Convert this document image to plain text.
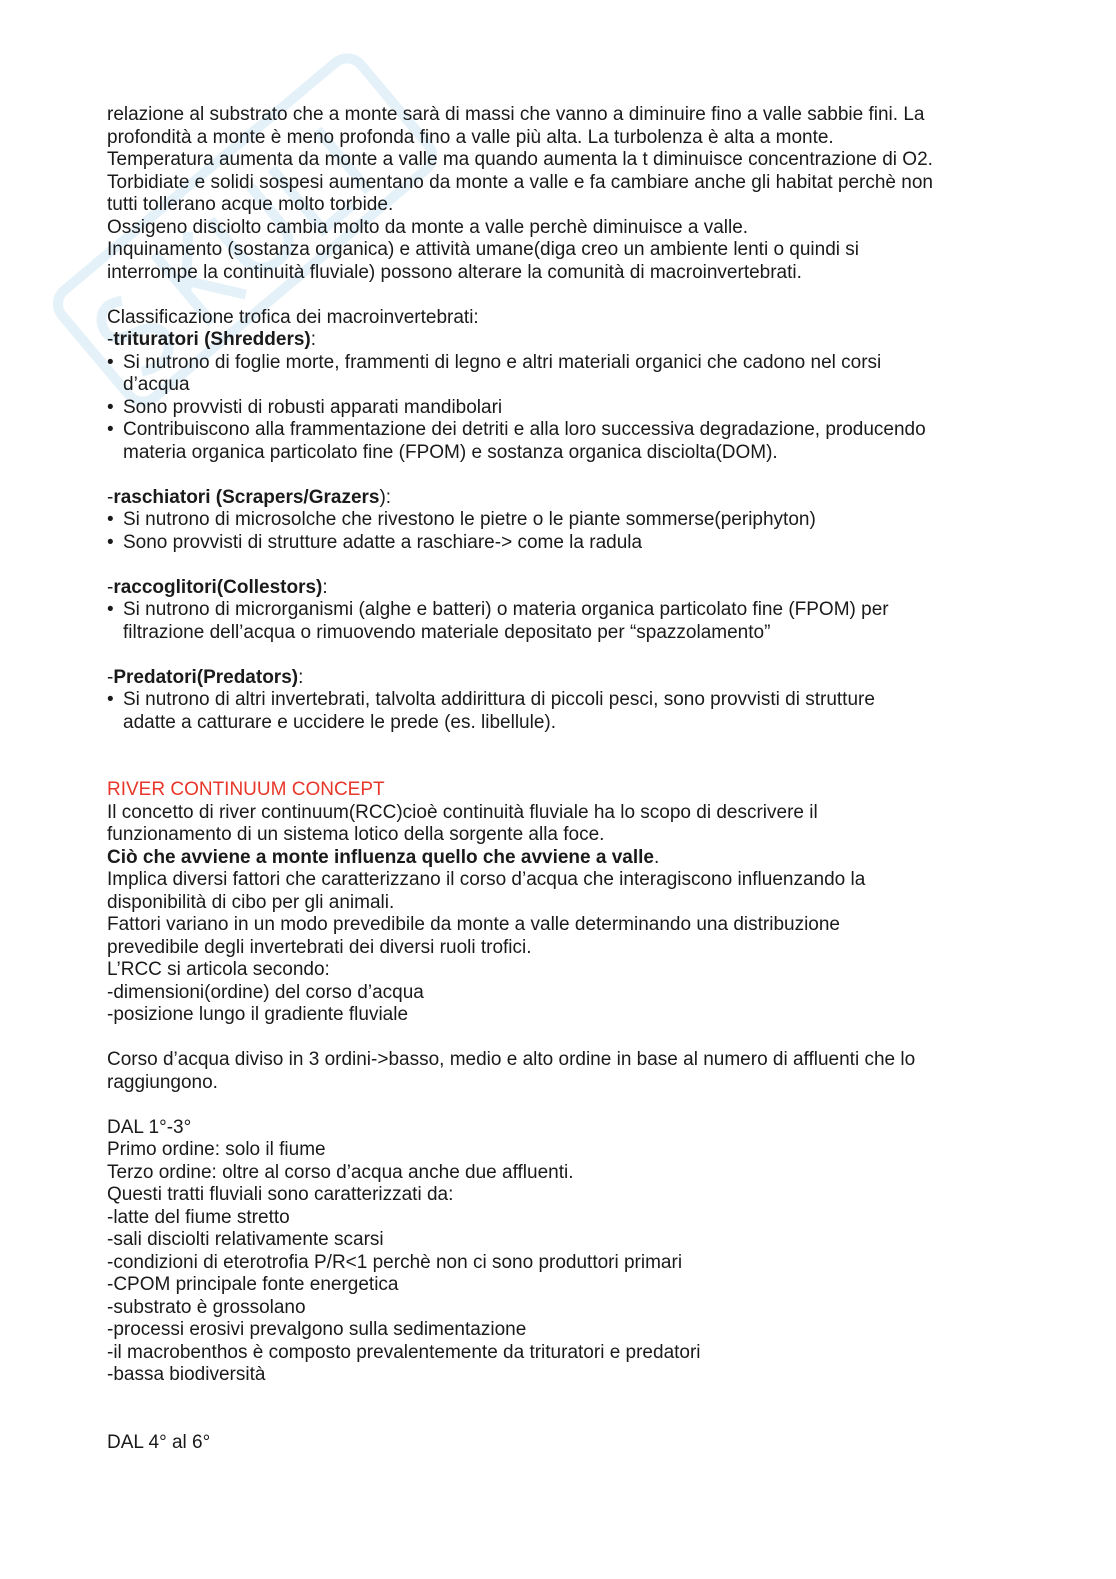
relazione al substrato che a monte sarà di massi che vanno a diminuire fino a valle sabbie fini. La
profondità a monte è meno profonda fino a valle più alta. La turbolenza è alta a monte.
Temperatura aumenta da monte a valle ma quando aumenta la t diminuisce concentrazione di O2.
Torbidiate e solidi sospesi aumentano da monte a valle e fa cambiare anche gli habitat perchè non
tutti tollerano acque molto torbide.
Ossigeno disciolto cambia molto da monte a valle perchè diminuisce a valle.
Inquinamento (sostanza organica) e attività umane(diga creo un ambiente lenti o quindi si
interrompe la continuità fluviale) possono alterare la comunità di macroinvertebrati.
Classificazione trofica dei macroinvertebrati:
-trituratori (Shredders):
• Si nutrono di foglie morte, frammenti di legno e altri materiali organici che cadono nel corsi
d’acqua
• Sono provvisti di robusti apparati mandibolari
• Contribuiscono alla frammentazione dei detriti e alla loro successiva degradazione, producendo
materia organica particolato fine (FPOM) e sostanza organica disciolta(DOM).
-raschiatori (Scrapers/Grazers):
• Si nutrono di microsolche che rivestono le pietre o le piante sommerse(periphyton)
• Sono provvisti di strutture adatte a raschiare-> come la radula
-raccoglitori(Collestors):
• Si nutrono di microrganismi (alghe e batteri) o materia organica particolato fine (FPOM) per
filtrazione dell’acqua o rimuovendo materiale depositato per “spazzolamento”
-Predatori(Predators):
• Si nutrono di altri invertebrati, talvolta addirittura di piccoli pesci, sono provvisti di strutture
adatte a catturare e uccidere le prede (es. libellule).
RIVER CONTINUUM CONCEPT
Il concetto di river continuum(RCC)cioè continuità fluviale ha lo scopo di descrivere il
funzionamento di un sistema lotico della sorgente alla foce.
Ciò che avviene a monte influenza quello che avviene a valle.
Implica diversi fattori che caratterizzano il corso d’acqua che interagiscono influenzando la
disponibilità di cibo per gli animali.
Fattori variano in un modo prevedibile da monte a valle determinando una distribuzione
prevedibile degli invertebrati dei diversi ruoli trofici.
L’RCC si articola secondo:
-dimensioni(ordine) del corso d’acqua
-posizione lungo il gradiente fluviale
Corso d’acqua diviso in 3 ordini->basso, medio e alto ordine in base al numero di affluenti che lo
raggiungono.
DAL 1°-3°
Primo ordine: solo il fiume
Terzo ordine: oltre al corso d’acqua anche due affluenti.
Questi tratti fluviali sono caratterizzati da:
-latte del fiume stretto
-sali disciolti relativamente scarsi
-condizioni di eterotrofia P/R<1 perchè non ci sono produttori primari
-CPOM principale fonte energetica
-substrato è grossolano
-processi erosivi prevalgono sulla sedimentazione
-il macrobenthos è composto prevalentemente da trituratori e predatori
-bassa biodiversità
DAL 4° al 6°
